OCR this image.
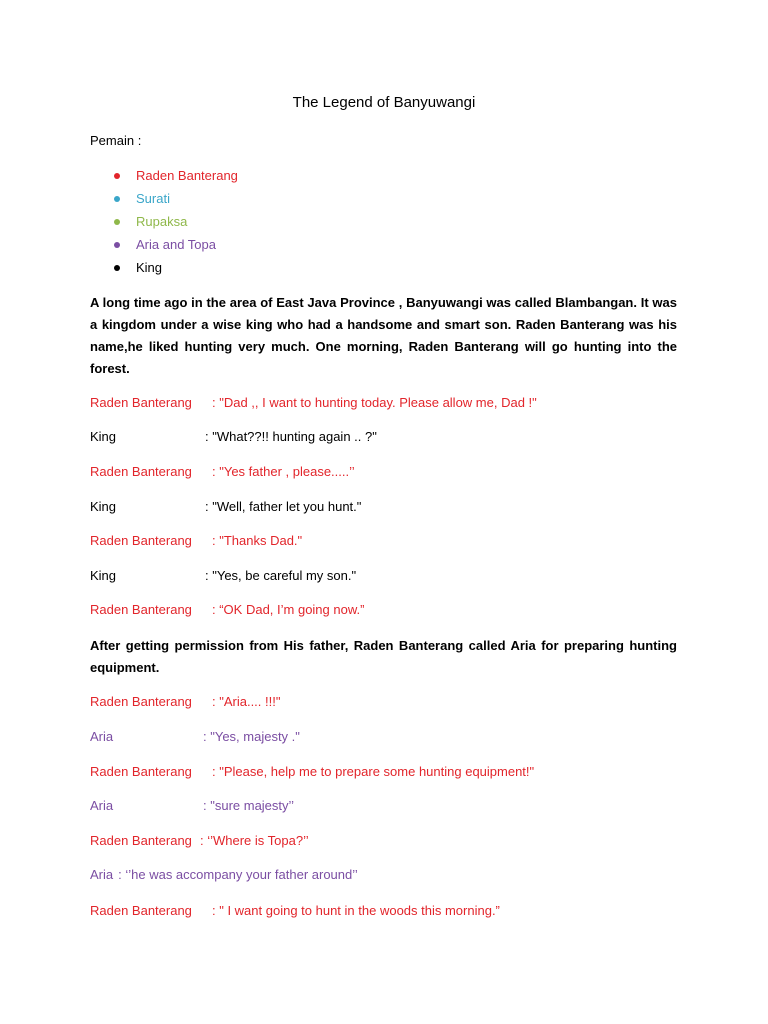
The Legend of Banyuwangi
Pemain :
Raden Banterang
Surati
Rupaksa
Aria and Topa
King
A long time ago in the area of East Java Province , Banyuwangi was called Blambangan. It was a kingdom under a wise king who had a handsome and smart son. Raden Banterang was his name,he liked hunting very much. One morning, Raden Banterang will go hunting into the forest.
Raden Banterang : "Dad ,, I want to hunting today. Please allow me, Dad !"
King	: "What??!! hunting again .. ?"
Raden Banterang : "Yes father , please.....’’
King	: "Well, father let you hunt."
Raden Banterang : "Thanks Dad."
King	: "Yes, be careful my son."
Raden Banterang : “OK Dad, I’m going now.”
After getting permission from His father, Raden Banterang called Aria for preparing hunting equipment.
Raden Banterang : "Aria.... !!!"
Aria	: "Yes, majesty ."
Raden Banterang : "Please, help me to prepare some hunting equipment!"
Aria	: "sure majesty’’
Raden Banterang : ‘’Where is Topa?’’
Aria : ‘’he was accompany your father around’’
Raden Banterang : " I want going to hunt in the woods this morning.”
